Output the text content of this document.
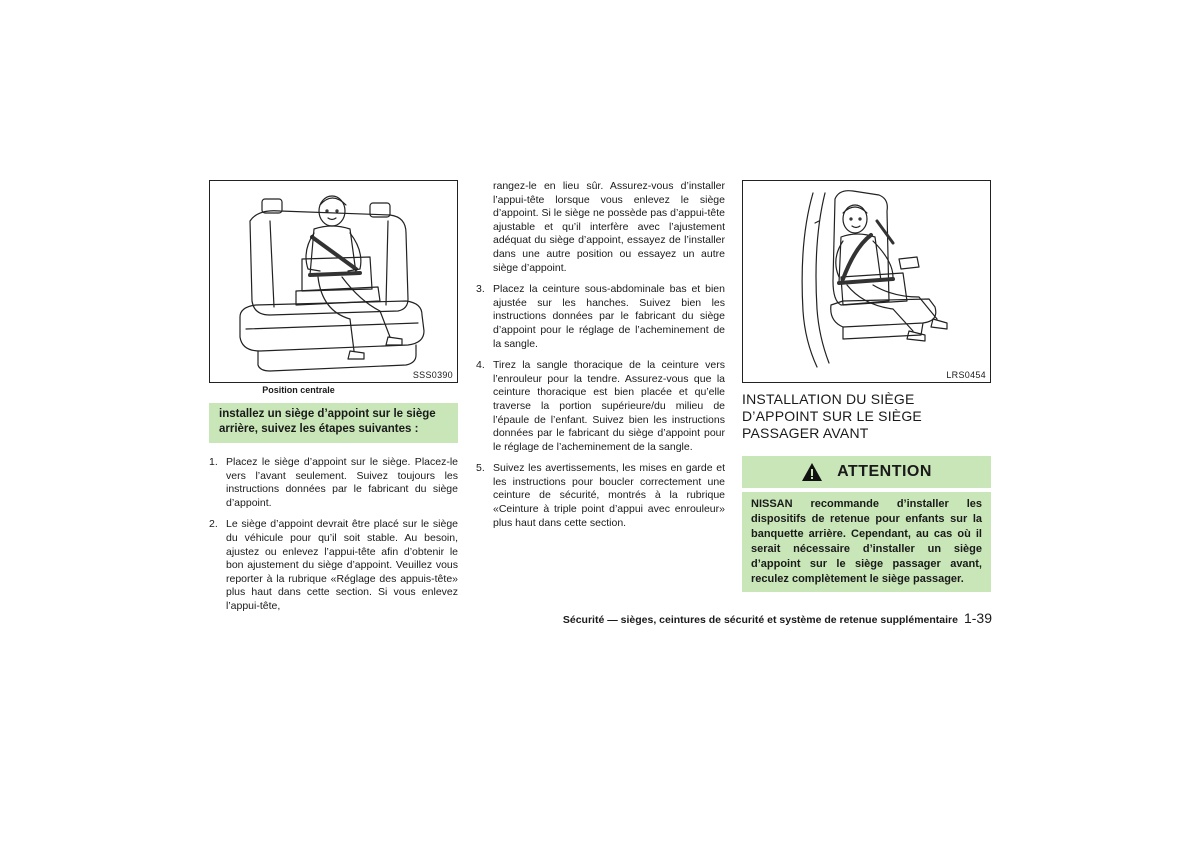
SSS0390
Position centrale
installez un siège d’appoint sur le siège arrière, suivez les étapes suivantes :
1. Placez le siège d’appoint sur le siège. Placez-le vers l’avant seulement. Suivez toujours les instructions données par le fabricant du siège d’appoint.
2. Le siège d’appoint devrait être placé sur le siège du véhicule pour qu’il soit stable. Au besoin, ajustez ou enlevez l’appui-tête afin d’obtenir le bon ajustement du siège d’appoint. Veuillez vous reporter à la rubrique «Réglage des appuis-tête» plus haut dans cette section. Si vous enlevez l’appui-tête,

rangez-le en lieu sûr. Assurez-vous d’installer l’appui-tête lorsque vous enlevez le siège d’appoint. Si le siège ne possède pas d’appui-tête ajustable et qu’il interfère avec l’ajustement adéquat du siège d’appoint, essayez de l’installer dans une autre position ou essayez un autre siège d’appoint.

3. Placez la ceinture sous-abdominale bas et bien ajustée sur les hanches. Suivez bien les instructions données par le fabricant du siège d’appoint pour le réglage de l’acheminement de la sangle.
4. Tirez la sangle thoracique de la ceinture vers l’enrouleur pour la tendre. Assurez-vous que la ceinture thoracique est bien placée et qu’elle traverse la portion supérieure/du milieu de l’épaule de l’enfant. Suivez bien les instructions données par le fabricant du siège d’appoint pour le réglage de l’acheminement de la sangle.
5. Suivez les avertissements, les mises en garde et les instructions pour boucler correctement une ceinture de sécurité, montrés à la rubrique «Ceinture à triple point d’appui avec enrouleur» plus haut dans cette section.
LRS0454
INSTALLATION DU SIÈGE D’APPOINT SUR LE SIÈGE PASSAGER AVANT
ATTENTION
NISSAN recommande d’installer les dispositifs de retenue pour enfants sur la banquette arrière. Cependant, au cas où il serait nécessaire d’installer un siège d’appoint sur le siège passager avant, reculez complètement le siège passager.
Sécurité — sièges, ceintures de sécurité et système de retenue supplémentaire 1-39
